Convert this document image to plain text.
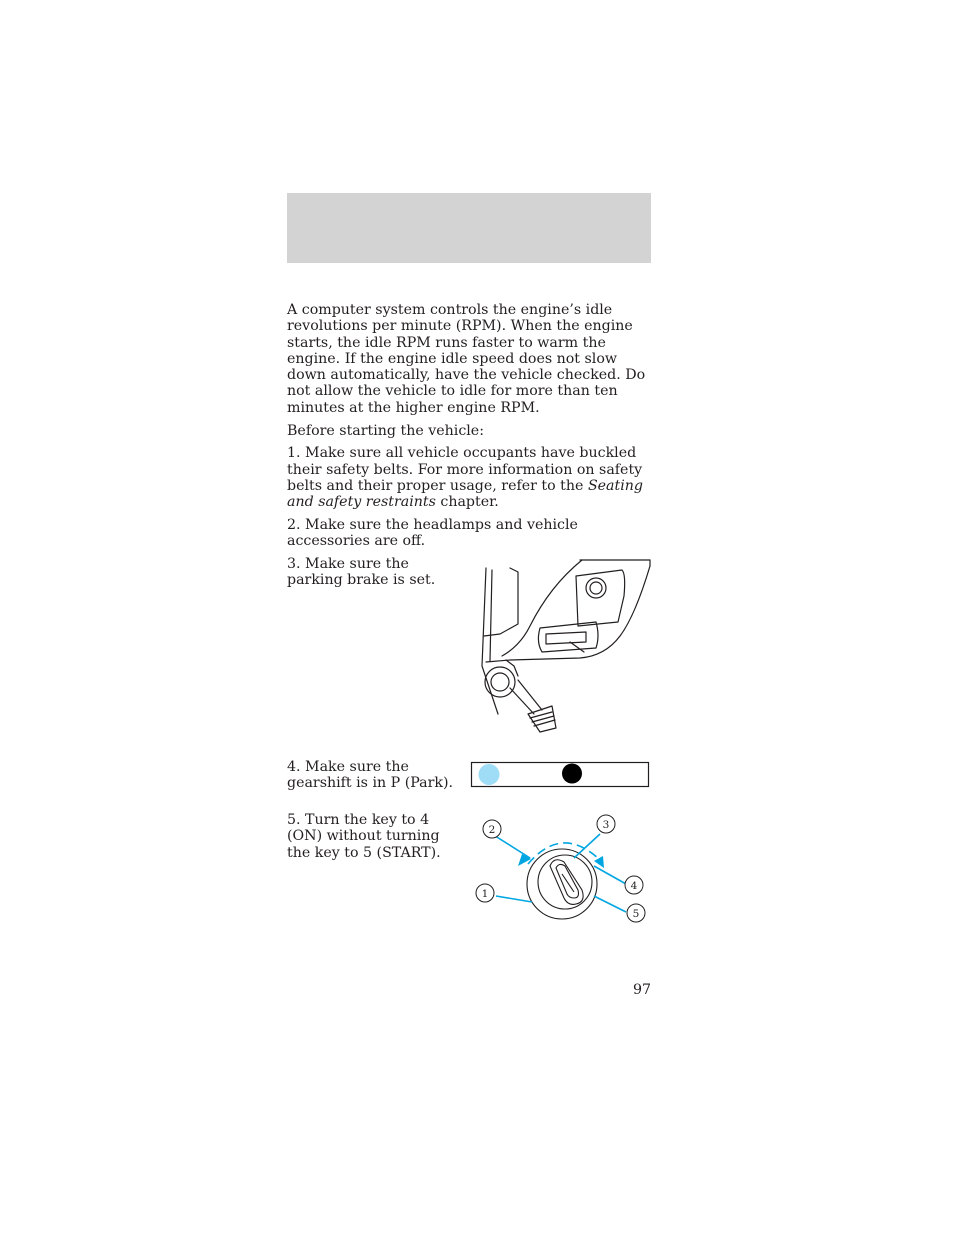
A computer system controls the engine’s idle revolutions per minute (RPM). When the engine starts, the idle RPM runs faster to warm the engine. If the engine idle speed does not slow down automatically, have the vehicle checked. Do not allow the vehicle to idle for more than ten minutes at the higher engine RPM.

Before starting the vehicle:

1. Make sure all vehicle occupants have buckled their safety belts. For more information on safety belts and their proper usage, refer to the Seating and safety restraints chapter.

2. Make sure the headlamps and vehicle accessories are off.

3. Make sure the parking brake is set.

4. Make sure the gearshift is in P (Park).

5. Turn the key to 4 (ON) without turning the key to 5 (START).

1
2	3
4
5
97
